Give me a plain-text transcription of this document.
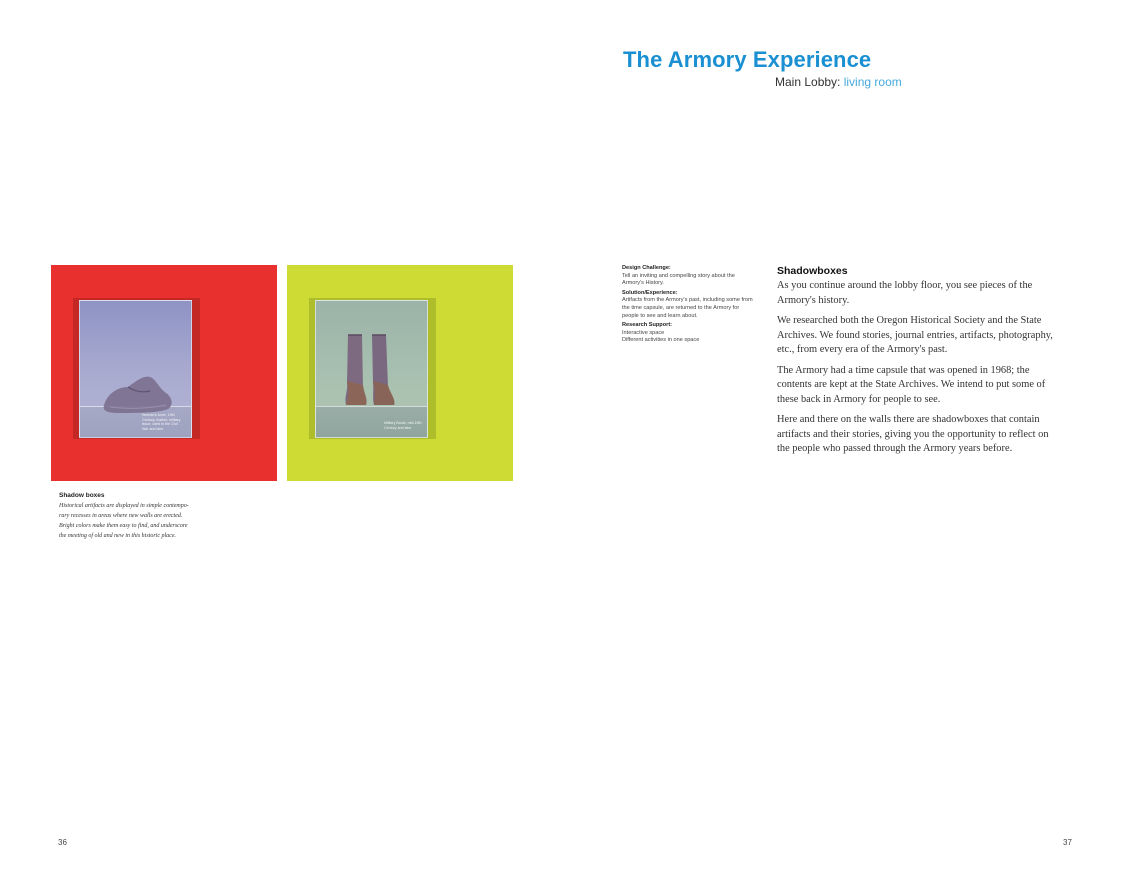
The Armory Experience
Main Lobby: living room
Woman's shoe, 19th
Century, leather, military
issue, used in the Civil
War and later
Military Boots, mid-19th
Century and later
Shadow boxes
Historical artifacts are displayed in simple contempo-
rary recesses in areas where new walls are erected.
Bright colors make them easy to find, and underscore
the meeting of old and new in this historic place.

Design Challenge:
Tell an inviting and compelling story about the Armory's History.

Solution/Experience:
Artifacts from the Armory's past, including some from the time capsule, are returned to the Armory for people to see and learn about.

Research Support:
Interactive space
Different activities in one space

Shadowboxes

As you continue around the lobby floor, you see pieces of the Armory's history.

We researched both the Oregon Historical Society and the State Archives. We found stories, journal entries, artifacts, photography, etc., from every era of the Armory's past.

The Armory had a time capsule that was opened in 1968; the contents are kept at the State Archives. We intend to put some of these back in Armory for people to see.

Here and there on the walls there are shadowboxes that contain artifacts and their stories, giving you the opportunity to reflect on the people who passed through the Armory years before.

36	37
